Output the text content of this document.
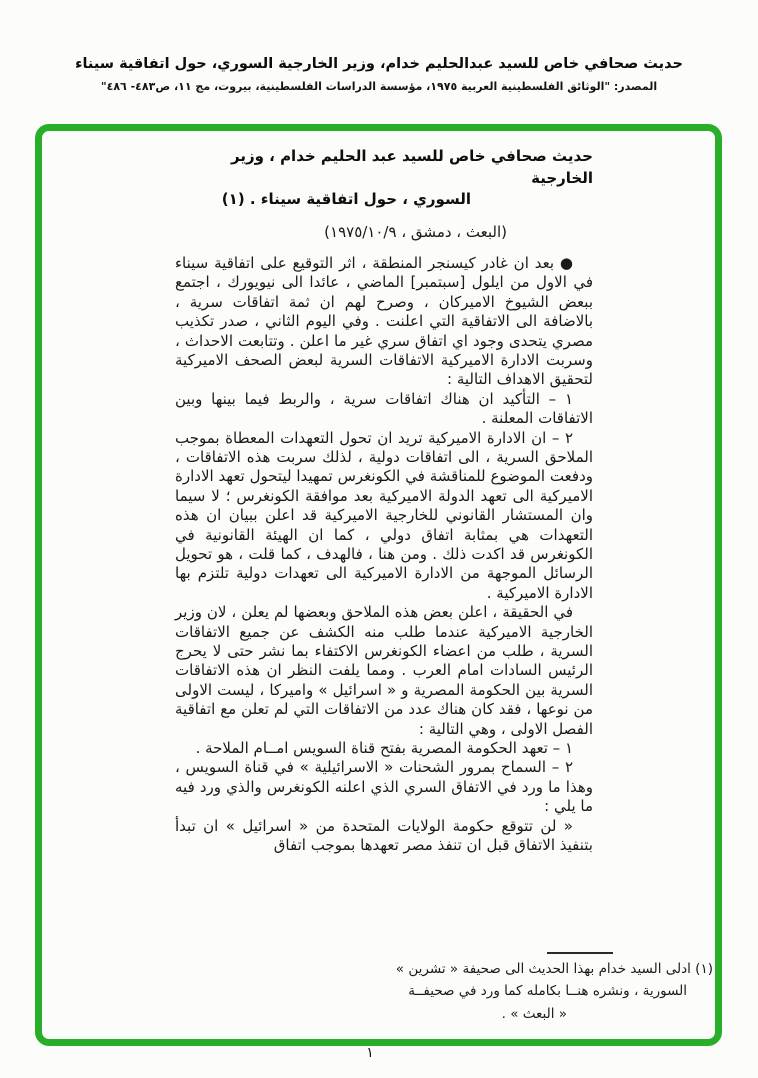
حديث صحافي خاص للسيد عبدالحليم خدام، وزير الخارجية السوري، حول اتفاقية سيناء
المصدر: "الوثائق الفلسطينية العربية ١٩٧٥، مؤسسة الدراسات الفلسطينية، بيروت، مج ١١، ص٤٨٣- ٤٨٦"
حديث صحافي خاص للسيد عبد الحليم خدام ، وزير الخارجية
السوري ، حول اتفاقية سيناء . (١)
(البعث ، دمشق ، ١٩٧٥/١٠/٩)

● بعد ان غادر كيسنجر المنطقة ، اثر التوقيع على اتفاقية سيناء في الاول من ايلول [سبتمبر] الماضي ، عائدا الى نيويورك ، اجتمع ببعض الشيوخ الاميركان ، وصرح لهم ان ثمة اتفاقات سرية ، بالاضافة الى الاتفاقية التي اعلنت . وفي اليوم الثاني ، صدر تكذيب مصري يتحدى وجود اي اتفاق سري غير ما اعلن . وتتابعت الاحداث ، وسربت الادارة الاميركية الاتفاقات السرية لبعض الصحف الاميركية لتحقيق الاهداف التالية :

١ – التأكيد ان هناك اتفاقات سرية ، والربط فيما بينها وبين الاتفاقات المعلنة .

٢ – ان الادارة الاميركية تريد ان تحول التعهدات المعطاة بموجب الملاحق السرية ، الى اتفاقات دولية ، لذلك سربت هذه الاتفاقات ، ودفعت الموضوع للمناقشة في الكونغرس تمهيدا ليتحول تعهد الادارة الاميركية الى تعهد الدولة الاميركية بعد موافقة الكونغرس ؛ لا سيما وان المستشار القانوني للخارجية الاميركية قد اعلن ببيان ان هذه التعهدات هي بمثابة اتفاق دولي ، كما ان الهيئة القانونية في الكونغرس قد اكدت ذلك . ومن هنا ، فالهدف ، كما قلت ، هو تحويل الرسائل الموجهة من الادارة الاميركية الى تعهدات دولية تلتزم بها الادارة الاميركية .

في الحقيقة ، اعلن بعض هذه الملاحق وبعضها لم يعلن ، لان وزير الخارجية الاميركية عندما طلب منه الكشف عن جميع الاتفاقات السرية ، طلب من اعضاء الكونغرس الاكتفاء بما نشر حتى لا يحرج الرئيس السادات امام العرب . ومما يلفت النظر ان هذه الاتفاقات السرية بين الحكومة المصرية و « اسرائيل » واميركا ، ليست الاولى من نوعها ، فقد كان هناك عدد من الاتفاقات التي لم تعلن مع اتفاقية الفصل الاولى ، وهي التالية :

١ – تعهد الحكومة المصرية بفتح قناة السويس امــام الملاحة .

٢ – السماح بمرور الشحنات « الاسرائيلية » في قناة السويس ، وهذا ما ورد في الاتفاق السري الذي اعلنه الكونغرس والذي ورد فيه ما يلي :

« لن تتوقع حكومة الولايات المتحدة من « اسرائيل » ان تبدأ بتنفيذ الاتفاق قبل ان تنفذ مصر تعهدها بموجب اتفاق

(١) ادلى السيد خدام بهذا الحديث الى صحيفة « تشرين »
السورية ، ونشره هنــا بكامله كما ورد في صحيفــة
« البعث » .
١
